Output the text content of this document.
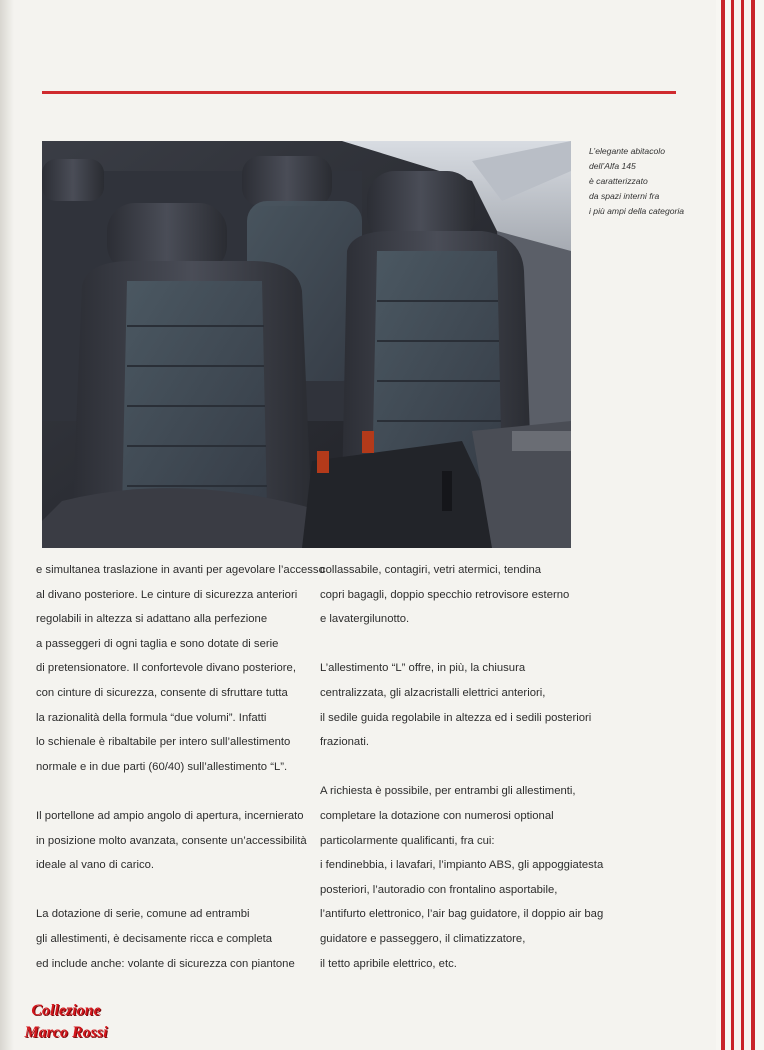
L’elegante abitacolo
dell’Alfa 145
è caratterizzato
da spazi interni fra
i più ampi della categoria

e simultanea traslazione in avanti per agevolare l’accesso

al divano posteriore. Le cinture di sicurezza anteriori

regolabili in altezza si adattano alla perfezione

a passeggeri di ogni taglia e sono dotate di serie

di pretensionatore. Il confortevole divano posteriore,

con cinture di sicurezza, consente di sfruttare tutta

la razionalità della formula “due volumi”. Infatti

lo schienale è ribaltabile per intero sull’allestimento

normale e in due parti (60/40) sull’allestimento “L”.

Il portellone ad ampio angolo di apertura, incernierato

in posizione molto avanzata, consente un’accessibilità

ideale al vano di carico.

La dotazione di serie, comune ad entrambi

gli allestimenti, è decisamente ricca e completa

ed include anche: volante di sicurezza con piantone

collassabile, contagiri, vetri atermici, tendina

copri bagagli, doppio specchio retrovisore esterno

e lavatergilunotto.

L’allestimento “L” offre, in più, la chiusura

centralizzata, gli alzacristalli elettrici anteriori,

il sedile guida regolabile in altezza ed i sedili posteriori

frazionati.

A richiesta è possibile, per entrambi gli allestimenti,

completare la dotazione con numerosi optional

particolarmente qualificanti, fra cui:

i fendinebbia, i lavafari, l’impianto ABS, gli appoggiatesta

posteriori, l’autoradio con frontalino asportabile,

l’antifurto elettronico, l’air bag guidatore, il doppio air bag

guidatore e passeggero, il climatizzatore,

il tetto apribile elettrico, etc.

Collezione
Marco Rossi
